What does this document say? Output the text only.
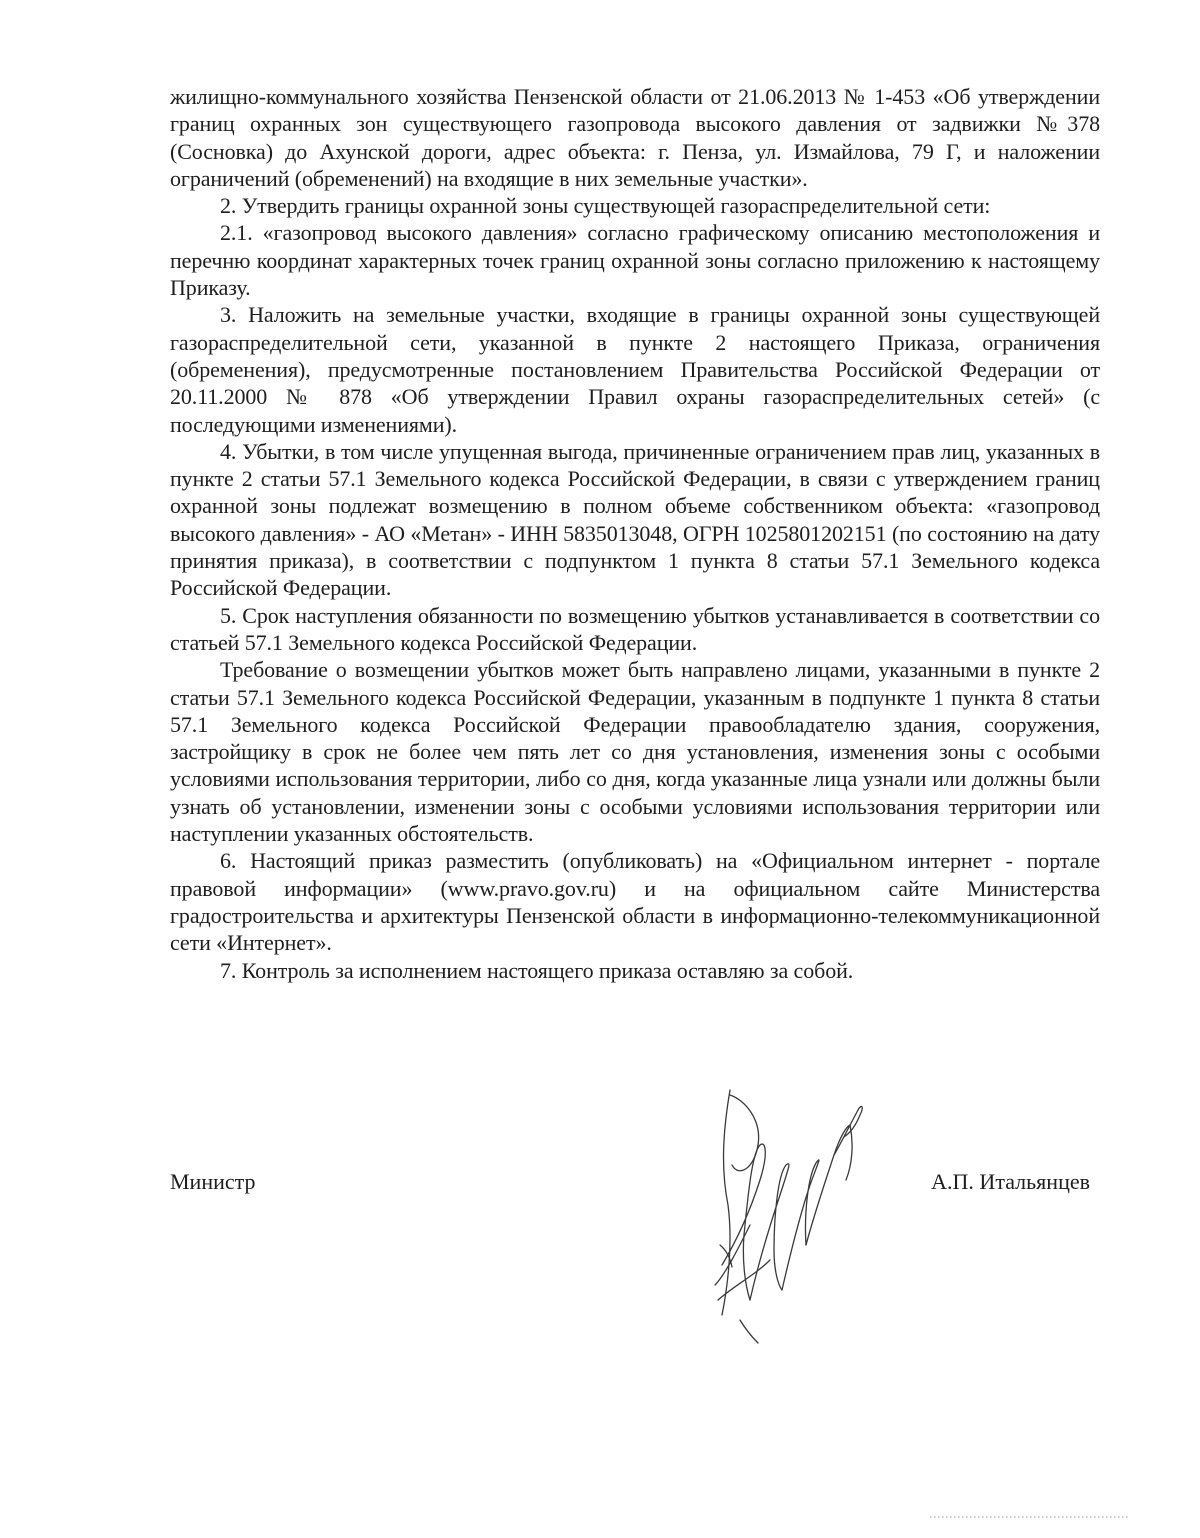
жилищно-коммунального хозяйства Пензенской области от 21.06.2013 № 1-453 «Об утверждении границ охранных зон существующего газопровода высокого давления от задвижки №378 (Сосновка) до Ахунской дороги, адрес объекта: г. Пенза, ул. Измайлова, 79 Г, и наложении ограничений (обременений) на входящие в них земельные участки».

2. Утвердить границы охранной зоны существующей газораспределительной сети:

2.1. «газопровод высокого давления» согласно графическому описанию местоположения и перечню координат характерных точек границ охранной зоны согласно приложению к настоящему Приказу.

3. Наложить на земельные участки, входящие в границы охранной зоны существующей газораспределительной сети, указанной в пункте 2 настоящего Приказа, ограничения (обременения), предусмотренные постановлением Правительства Российской Федерации от 20.11.2000 № 878 «Об утверждении Правил охраны газораспределительных сетей» (с последующими изменениями).

4. Убытки, в том числе упущенная выгода, причиненные ограничением прав лиц, указанных в пункте 2 статьи 57.1 Земельного кодекса Российской Федерации, в связи с утверждением границ охранной зоны подлежат возмещению в полном объеме собственником объекта: «газопровод высокого давления» - АО «Метан» - ИНН 5835013048, ОГРН 1025801202151 (по состоянию на дату принятия приказа), в соответствии с подпунктом 1 пункта 8 статьи 57.1 Земельного кодекса Российской Федерации.

5. Срок наступления обязанности по возмещению убытков устанавливается в соответствии со статьей 57.1 Земельного кодекса Российской Федерации.

Требование о возмещении убытков может быть направлено лицами, указанными в пункте 2 статьи 57.1 Земельного кодекса Российской Федерации, указанным в подпункте 1 пункта 8 статьи 57.1 Земельного кодекса Российской Федерации правообладателю здания, сооружения, застройщику в срок не более чем пять лет со дня установления, изменения зоны с особыми условиями использования территории, либо со дня, когда указанные лица узнали или должны были узнать об установлении, изменении зоны с особыми условиями использования территории или наступлении указанных обстоятельств.

6. Настоящий приказ разместить (опубликовать) на «Официальном интернет - портале правовой информации» (www.pravo.gov.ru) и на официальном сайте Министерства градостроительства и архитектуры Пензенской области в информационно-телекоммуникационной сети «Интернет».

7. Контроль за исполнением настоящего приказа оставляю за собой.

Министр	А.П. Итальянцев
